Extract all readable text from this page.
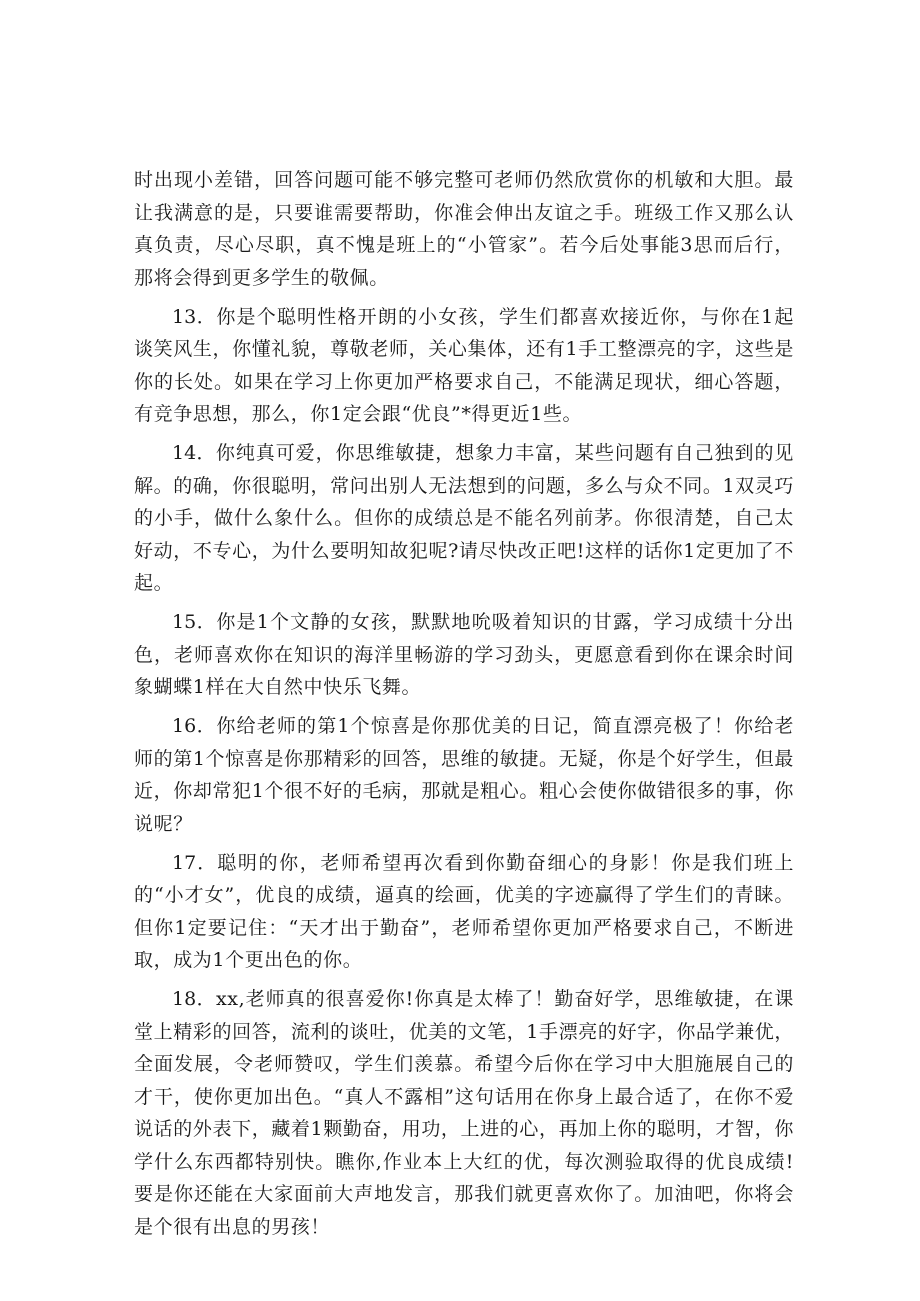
时出现小差错，回答问题可能不够完整可老师仍然欣赏你的机敏和大胆。最让我满意的是，只要谁需要帮助，你准会伸出友谊之手。班级工作又那么认真负责，尽心尽职，真不愧是班上的“小管家”。若今后处事能3思而后行，那将会得到更多学生的敬佩。

13．你是个聪明性格开朗的小女孩，学生们都喜欢接近你，与你在1起谈笑风生，你懂礼貌，尊敬老师，关心集体，还有1手工整漂亮的字，这些是你的长处。如果在学习上你更加严格要求自己，不能满足现状，细心答题，有竞争思想，那么，你1定会跟“优良”*得更近1些。

14．你纯真可爱，你思维敏捷，想象力丰富，某些问题有自己独到的见解。的确，你很聪明，常问出别人无法想到的问题，多么与众不同。1双灵巧的小手，做什么象什么。但你的成绩总是不能名列前茅。你很清楚，自己太好动，不专心，为什么要明知故犯呢?请尽快改正吧!这样的话你1定更加了不起。

15．你是1个文静的女孩，默默地吮吸着知识的甘露，学习成绩十分出色，老师喜欢你在知识的海洋里畅游的学习劲头，更愿意看到你在课余时间象蝴蝶1样在大自然中快乐飞舞。

16．你给老师的第1个惊喜是你那优美的日记，简直漂亮极了！你给老师的第1个惊喜是你那精彩的回答，思维的敏捷。无疑，你是个好学生，但最近，你却常犯1个很不好的毛病，那就是粗心。粗心会使你做错很多的事，你说呢？

17．聪明的你，老师希望再次看到你勤奋细心的身影！你是我们班上的“小才女”，优良的成绩，逼真的绘画，优美的字迹赢得了学生们的青睐。但你1定要记住：“天才出于勤奋”，老师希望你更加严格要求自己，不断进取，成为1个更出色的你。

18．xx,老师真的很喜爱你!你真是太棒了！勤奋好学，思维敏捷，在课堂上精彩的回答，流利的谈吐，优美的文笔，1手漂亮的好字，你品学兼优，全面发展，令老师赞叹，学生们羡慕。希望今后你在学习中大胆施展自己的才干，使你更加出色。“真人不露相”这句话用在你身上最合适了，在你不爱说话的外表下，藏着1颗勤奋，用功，上进的心，再加上你的聪明，才智，你学什么东西都特别快。瞧你,作业本上大红的优，每次测验取得的优良成绩!要是你还能在大家面前大声地发言，那我们就更喜欢你了。加油吧，你将会是个很有出息的男孩！
